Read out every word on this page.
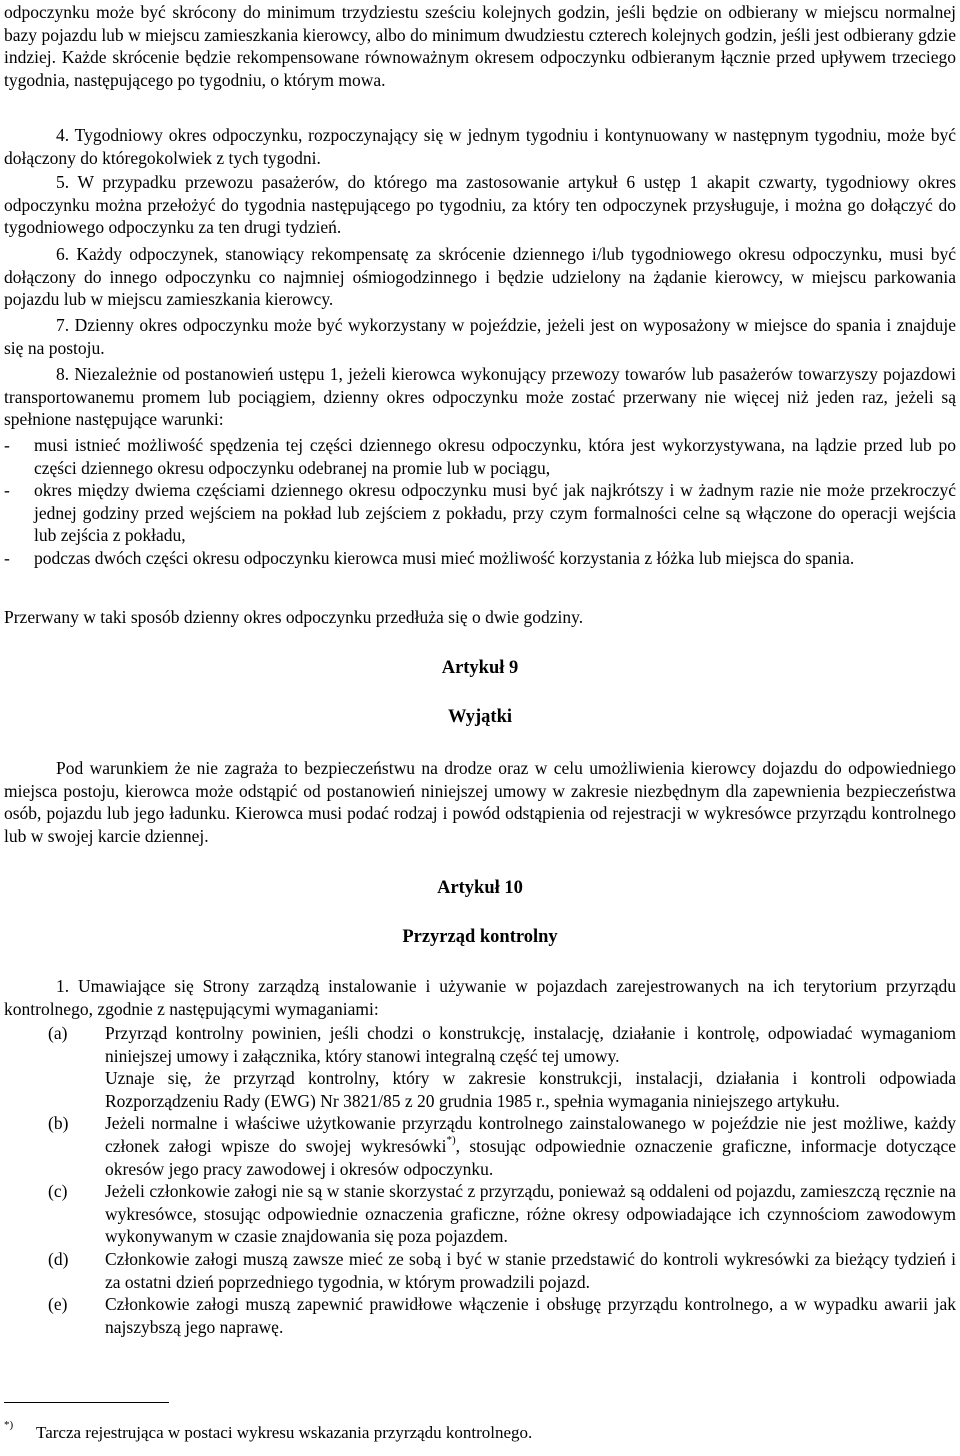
odpoczynku może być skrócony do minimum trzydziestu sześciu kolejnych godzin, jeśli będzie on odbierany w miejscu normalnej bazy pojazdu lub w miejscu zamieszkania kierowcy, albo do minimum dwudziestu czterech kolejnych godzin, jeśli jest odbierany gdzie indziej. Każde skrócenie będzie rekompensowane równoważnym okresem odpoczynku odbieranym łącznie przed upływem trzeciego tygodnia, następującego po tygodniu, o którym mowa.

4. Tygodniowy okres odpoczynku, rozpoczynający się w jednym tygodniu i kontynuowany w następnym tygodniu, może być dołączony do któregokolwiek z tych tygodni.

5. W przypadku przewozu pasażerów, do którego ma zastosowanie artykuł 6 ustęp 1 akapit czwarty, tygodniowy okres odpoczynku można przełożyć do tygodnia następującego po tygodniu, za który ten odpoczynek przysługuje, i można go dołączyć do tygodniowego odpoczynku za ten drugi tydzień.

6. Każdy odpoczynek, stanowiący rekompensatę za skrócenie dziennego i/lub tygodniowego okresu odpoczynku, musi być dołączony do innego odpoczynku co najmniej ośmiogodzinnego i będzie udzielony na żądanie kierowcy, w miejscu parkowania pojazdu lub w miejscu zamieszkania kierowcy.

7. Dzienny okres odpoczynku może być wykorzystany w pojeździe, jeżeli jest on wyposażony w miejsce do spania i znajduje się na postoju.

8. Niezależnie od postanowień ustępu 1, jeżeli kierowca wykonujący przewozy towarów lub pasażerów towarzyszy pojazdowi transportowanemu promem lub pociągiem, dzienny okres odpoczynku może zostać przerwany nie więcej niż jeden raz, jeżeli są spełnione następujące warunki:

- musi istnieć możliwość spędzenia tej części dziennego okresu odpoczynku, która jest wykorzystywana, na lądzie przed lub po części dziennego okresu odpoczynku odebranej na promie lub w pociągu,
- okres między dwiema częściami dziennego okresu odpoczynku musi być jak najkrótszy i w żadnym razie nie może przekroczyć jednej godziny przed wejściem na pokład lub zejściem z pokładu, przy czym formalności celne są włączone do operacji wejścia lub zejścia z pokładu,
- podczas dwóch części okresu odpoczynku kierowca musi mieć możliwość korzystania z łóżka lub miejsca do spania.

Przerwany w taki sposób dzienny okres odpoczynku przedłuża się o dwie godziny.

Artykuł 9
Wyjątki

Pod warunkiem że nie zagraża to bezpieczeństwu na drodze oraz w celu umożliwienia kierowcy dojazdu do odpowiedniego miejsca postoju, kierowca może odstąpić od postanowień niniejszej umowy w zakresie niezbędnym dla zapewnienia bezpieczeństwa osób, pojazdu lub jego ładunku. Kierowca musi podać rodzaj i powód odstąpienia od rejestracji w wykresówce przyrządu kontrolnego lub w swojej karcie dziennej.

Artykuł 10
Przyrząd kontrolny

1. Umawiające się Strony zarządzą instalowanie i używanie w pojazdach zarejestrowanych na ich terytorium przyrządu kontrolnego, zgodnie z następującymi wymaganiami:

(a) Przyrząd kontrolny powinien, jeśli chodzi o konstrukcję, instalację, działanie i kontrolę, odpowiadać wymaganiom niniejszej umowy i załącznika, który stanowi integralną część tej umowy.
Uznaje się, że przyrząd kontrolny, który w zakresie konstrukcji, instalacji, działania i kontroli odpowiada Rozporządzeniu Rady (EWG) Nr 3821/85 z 20 grudnia 1985 r., spełnia wymagania niniejszego artykułu.
(b) Jeżeli normalne i właściwe użytkowanie przyrządu kontrolnego zainstalowanego w pojeździe nie jest możliwe, każdy członek załogi wpisze do swojej wykresówki*), stosując odpowiednie oznaczenie graficzne, informacje dotyczące okresów jego pracy zawodowej i okresów odpoczynku.
(c) Jeżeli członkowie załogi nie są w stanie skorzystać z przyrządu, ponieważ są oddaleni od pojazdu, zamieszczą ręcznie na wykresówce, stosując odpowiednie oznaczenia graficzne, różne okresy odpowiadające ich czynnościom zawodowym wykonywanym w czasie znajdowania się poza pojazdem.
(d) Członkowie załogi muszą zawsze mieć ze sobą i być w stanie przedstawić do kontroli wykresówki za bieżący tydzień i za ostatni dzień poprzedniego tygodnia, w którym prowadzili pojazd.
(e) Członkowie załogi muszą zapewnić prawidłowe włączenie i obsługę przyrządu kontrolnego, a w wypadku awarii jak najszybszą jego naprawę.

*) Tarcza rejestrująca w postaci wykresu wskazania przyrządu kontrolnego.
